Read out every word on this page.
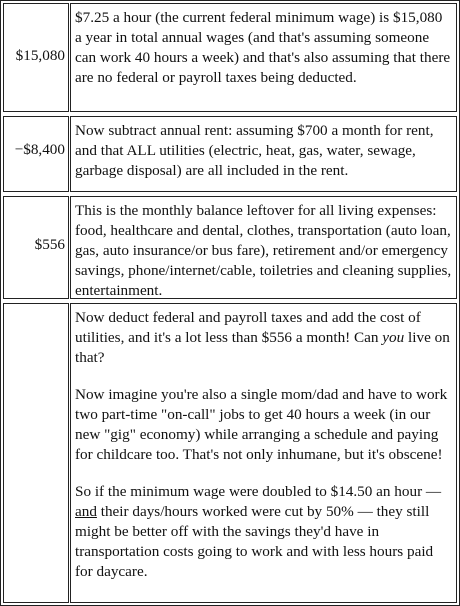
$15,080

$7.25 a hour (the current federal minimum wage) is $15,080 a year in total annual wages (and that's assuming someone can work 40 hours a week) and that's also assuming that there are no federal or payroll taxes being deducted.

−$8,400

Now subtract annual rent: assuming $700 a month for rent, and that ALL utilities (electric, heat, gas, water, sewage, garbage disposal) are all included in the rent.

$556

This is the monthly balance leftover for all living expenses: food, healthcare and dental, clothes, transportation (auto loan, gas, auto insurance/or bus fare), retirement and/or emergency savings, phone/internet/cable, toiletries and cleaning supplies, entertainment.

Now deduct federal and payroll taxes and add the cost of utilities, and it's a lot less than $556 a month! Can you live on that?

Now imagine you're also a single mom/dad and have to work two part-time "on-call" jobs to get 40 hours a week (in our new "gig" economy) while arranging a schedule and paying for childcare too. That's not only inhumane, but it's obscene!

So if the minimum wage were doubled to $14.50 an hour — and their days/hours worked were cut by 50% — they still might be better off with the savings they'd have in transportation costs going to work and with less hours paid for daycare.
